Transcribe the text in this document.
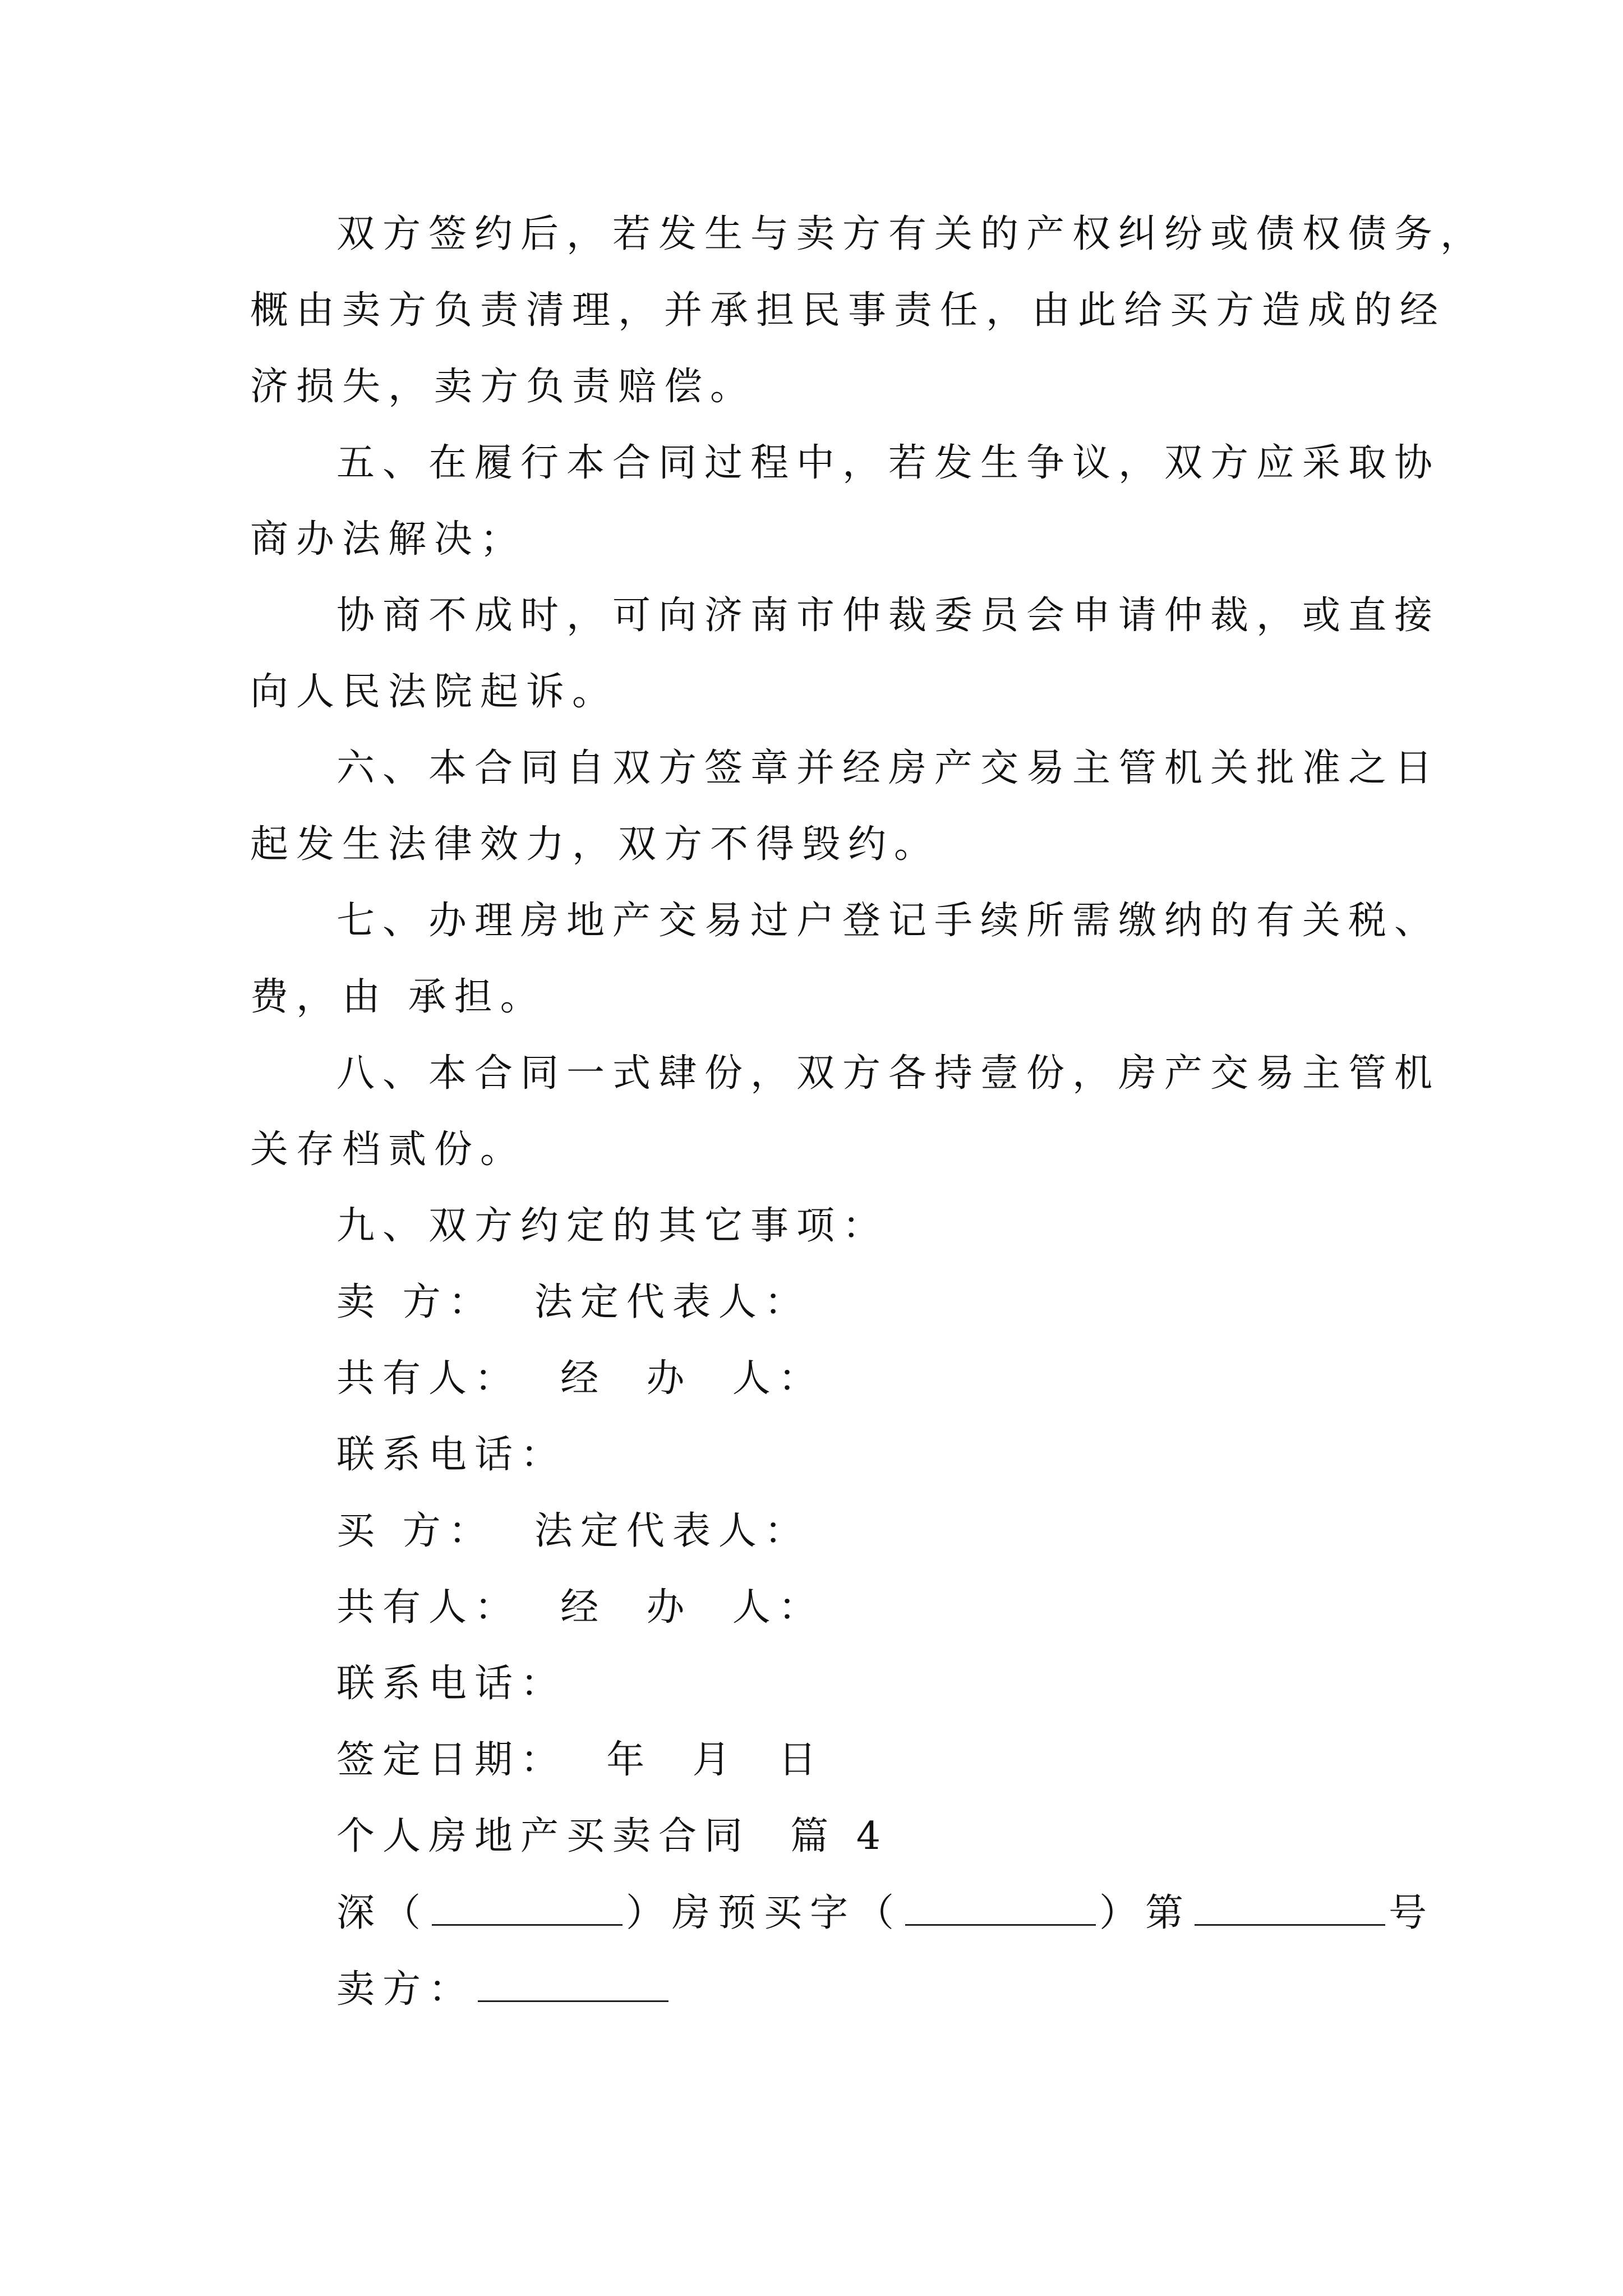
双方签约后，若发生与卖方有关的产权纠纷或债权债务，
概由卖方负责清理，并承担民事责任，由此给买方造成的经
济损失，卖方负责赔偿。
五、在履行本合同过程中，若发生争议，双方应采取协
商办法解决；
协商不成时，可向济南市仲裁委员会申请仲裁，或直接
向人民法院起诉。
六、本合同自双方签章并经房产交易主管机关批准之日
起发生法律效力，双方不得毁约。
七、办理房地产交易过户登记手续所需缴纳的有关税、
费，由 承担。
八、本合同一式肆份，双方各持壹份，房产交易主管机
关存档贰份。
九、双方约定的其它事项：
卖 方：  法定代表人：
共有人：  经  办  人：
联系电话：
买 方：  法定代表人：
共有人：  经  办  人：
联系电话：
签定日期：  年  月  日
个人房地产买卖合同  篇 4
深（	）房预买字（	）第	号
卖方：
